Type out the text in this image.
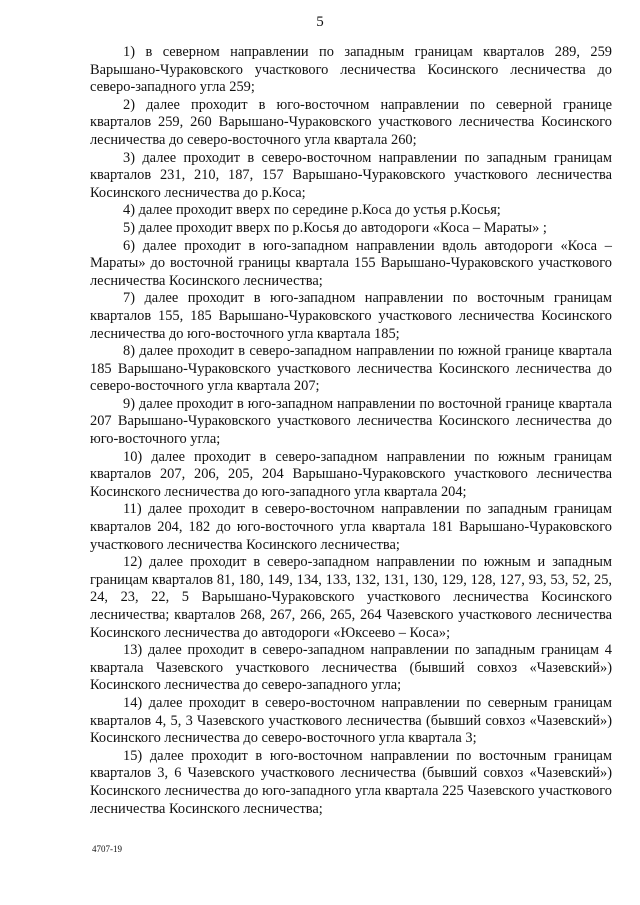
5

1) в северном направлении по западным границам кварталов 289, 259 Варышано-Чураковского участкового лесничества Косинского лесничества до северо-западного угла 259;

2) далее проходит в юго-восточном направлении по северной границе кварталов 259, 260 Варышано-Чураковского участкового лесничества Косинского лесничества до северо-восточного угла квартала 260;

3) далее проходит в северо-восточном направлении по западным границам кварталов 231, 210, 187, 157 Варышано-Чураковского участкового лесничества Косинского лесничества до р.Коса;

4) далее проходит вверх по середине р.Коса до устья р.Косья;

5) далее проходит вверх по р.Косья до автодороги «Коса – Мараты» ;

6) далее проходит в юго-западном направлении вдоль автодороги «Коса – Мараты» до восточной границы квартала 155 Варышано-Чураковского участкового лесничества Косинского лесничества;

7) далее проходит в юго-западном направлении по восточным границам кварталов 155, 185 Варышано-Чураковского участкового лесничества Косинского лесничества до юго-восточного угла квартала 185;

8) далее проходит в северо-западном направлении по южной границе квартала 185 Варышано-Чураковского участкового лесничества Косинского лесничества до северо-восточного угла квартала 207;

9) далее проходит в юго-западном направлении по восточной границе квартала 207 Варышано-Чураковского участкового лесничества Косинского лесничества до юго-восточного угла;

10) далее проходит в северо-западном направлении по южным границам кварталов 207, 206, 205, 204 Варышано-Чураковского участкового лесничества Косинского лесничества до юго-западного угла квартала 204;

11) далее проходит в северо-восточном направлении по западным границам кварталов 204, 182 до юго-восточного угла квартала 181 Варышано-Чураковского участкового лесничества Косинского лесничества;

12) далее проходит в северо-западном направлении по южным и западным границам кварталов 81, 180, 149, 134, 133, 132, 131, 130, 129, 128, 127, 93, 53, 52, 25, 24, 23, 22, 5 Варышано-Чураковского участкового лесничества Косинского лесничества; кварталов 268, 267, 266, 265, 264 Чазевского участкового лесничества Косинского лесничества до автодороги «Юксеево – Коса»;

13) далее проходит в северо-западном направлении по западным границам 4 квартала Чазевского участкового лесничества (бывший совхоз «Чазевский») Косинского лесничества до северо-западного угла;

14) далее проходит в северо-восточном направлении по северным границам кварталов 4, 5, 3 Чазевского участкового лесничества (бывший совхоз «Чазевский») Косинского лесничества до северо-восточного угла квартала 3;

15) далее проходит в юго-восточном направлении по восточным границам кварталов 3, 6 Чазевского участкового лесничества (бывший совхоз «Чазевский») Косинского лесничества до юго-западного угла квартала 225 Чазевского участкового лесничества Косинского лесничества;

4707-19
